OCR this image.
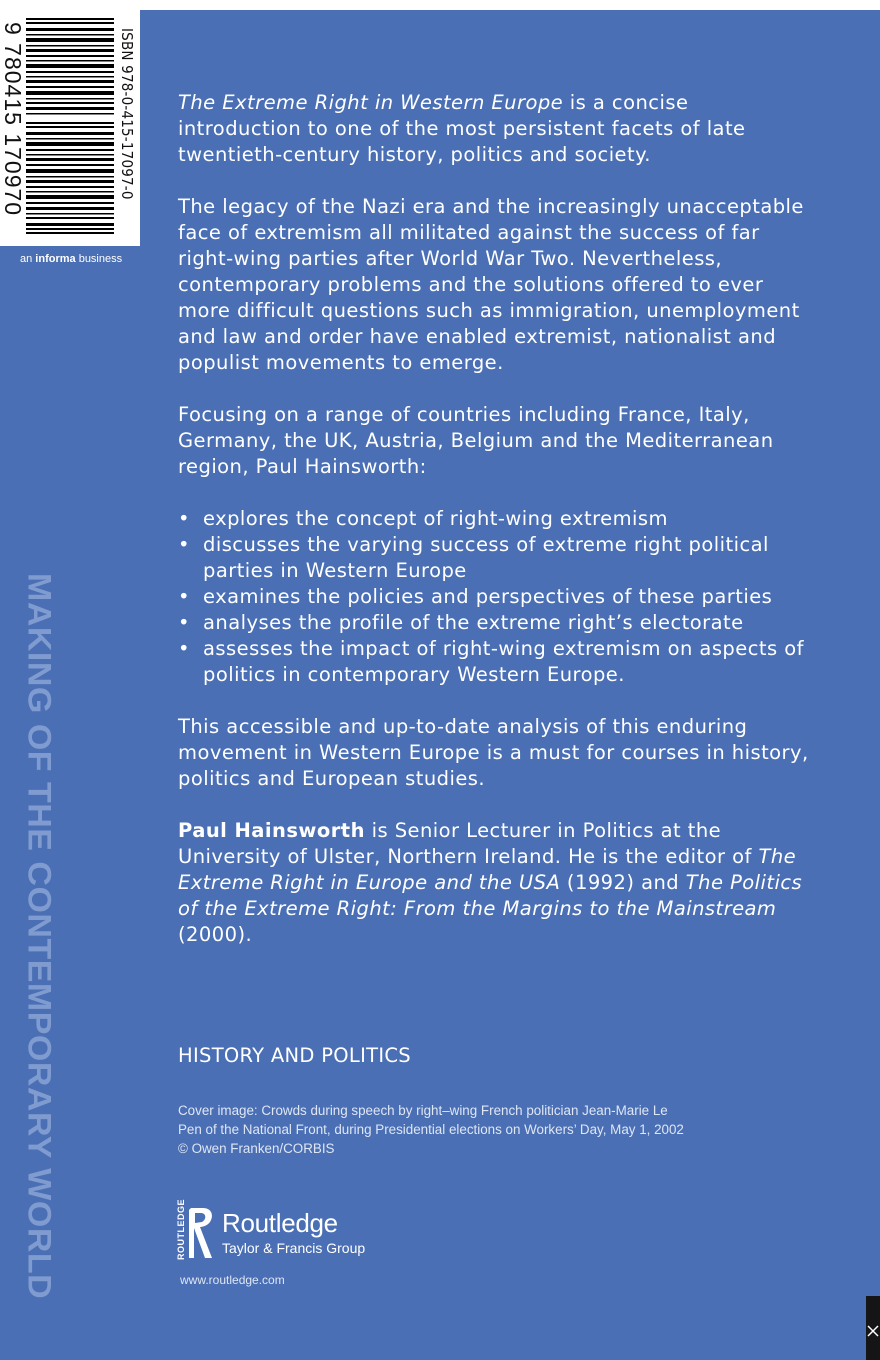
ISBN 978-0-415-17097-0
9 780415 170970
an informa business
MAKING OF THE CONTEMPORARY WORLD

The Extreme Right in Western Europe is a concise introduction to one of the most persistent facets of late twentieth-century history, politics and society.

The legacy of the Nazi era and the increasingly unacceptable face of extremism all militated against the success of far right-wing parties after World War Two. Nevertheless, contemporary problems and the solutions offered to ever more difficult questions such as immigration, unemployment and law and order have enabled extremist, nationalist and populist movements to emerge.

Focusing on a range of countries including France, Italy, Germany, the UK, Austria, Belgium and the Mediterranean region, Paul Hainsworth:

• explores the concept of right-wing extremism
• discusses the varying success of extreme right political parties in Western Europe
• examines the policies and perspectives of these parties
• analyses the profile of the extreme right’s electorate
• assesses the impact of right-wing extremism on aspects of politics in contemporary Western Europe.

This accessible and up-to-date analysis of this enduring movement in Western Europe is a must for courses in history, politics and European studies.

Paul Hainsworth is Senior Lecturer in Politics at the University of Ulster, Northern Ireland. He is the editor of The Extreme Right in Europe and the USA (1992) and The Politics of the Extreme Right: From the Margins to the Mainstream (2000).

HISTORY AND POLITICS
Cover image: Crowds during speech by right–wing French politician Jean-Marie Le
Pen of the National Front, during Presidential elections on Workers’ Day, May 1, 2002
© Owen Franken/CORBIS
ROUTLEDGE Routledge
Taylor & Francis Group
www.routledge.com
